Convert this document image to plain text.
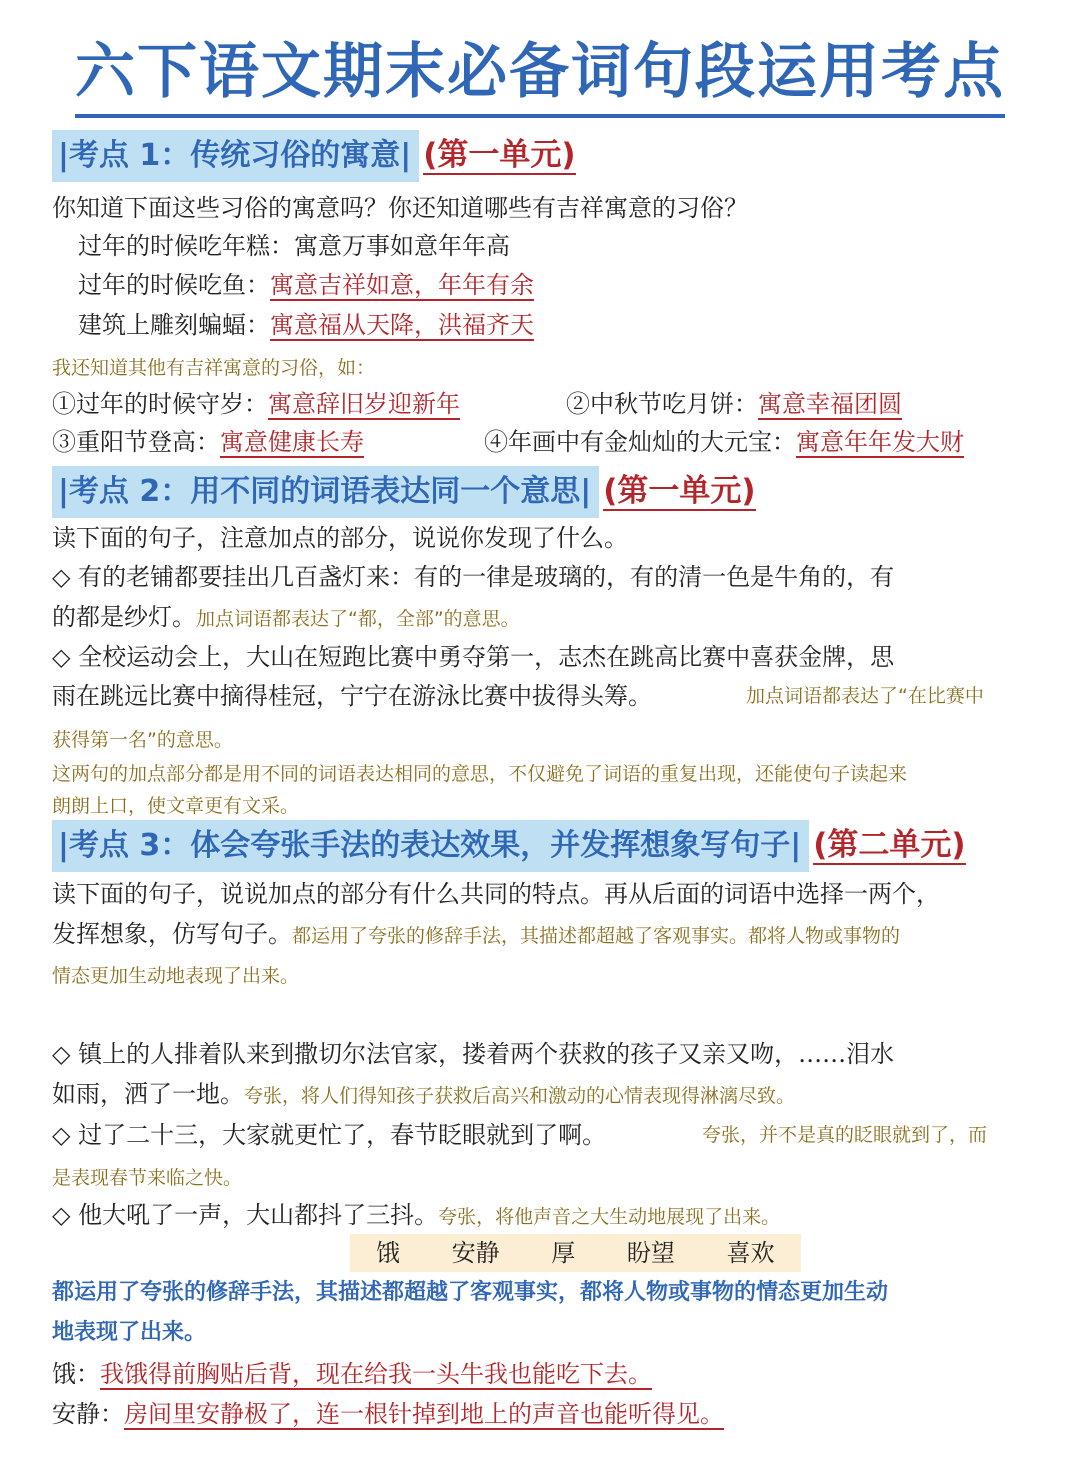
六下语文期末必备词句段运用考点
|考点 1：传统习俗的寓意| (第一单元)
你知道下面这些习俗的寓意吗？你还知道哪些有吉祥寓意的习俗？
过年的时候吃年糕：寓意万事如意年年高
过年的时候吃鱼：寓意吉祥如意，年年有余
建筑上雕刻蝙蝠：寓意福从天降，洪福齐天
我还知道其他有吉祥寓意的习俗，如：
①过年的时候守岁：寓意辞旧岁迎新年	②中秋节吃月饼：寓意幸福团圆
③重阳节登高：寓意健康长寿	④年画中有金灿灿的大元宝：寓意年年发大财
|考点 2：用不同的词语表达同一个意思| (第一单元)
读下面的句子，注意加点的部分，说说你发现了什么。
◇ 有的老铺都要挂出几百盏灯来：有的一律是玻璃的，有的清一色是牛角的，有
的都是纱灯。加点词语都表达了“都，全部”的意思。
◇ 全校运动会上，大山在短跑比赛中勇夺第一，志杰在跳高比赛中喜获金牌，思
雨在跳远比赛中摘得桂冠，宁宁在游泳比赛中拔得头筹。	加点词语都表达了“在比赛中
获得第一名”的意思。
这两句的加点部分都是用不同的词语表达相同的意思，不仅避免了词语的重复出现，还能使句子读起来
朗朗上口，使文章更有文采。
|考点 3：体会夸张手法的表达效果，并发挥想象写句子| (第二单元)
读下面的句子，说说加点的部分有什么共同的特点。再从后面的词语中选择一两个，
发挥想象，仿写句子。都运用了夸张的修辞手法，其描述都超越了客观事实。都将人物或事物的
情态更加生动地表现了出来。
◇ 镇上的人排着队来到撒切尔法官家，搂着两个获救的孩子又亲又吻，……泪水
如雨，洒了一地。夸张，将人们得知孩子获救后高兴和激动的心情表现得淋漓尽致。
◇ 过了二十三，大家就更忙了，春节眨眼就到了啊。	夸张，并不是真的眨眼就到了，而
是表现春节来临之快。
◇ 他大吼了一声，大山都抖了三抖。夸张，将他声音之大生动地展现了出来。
饿 安静 厚 盼望 喜欢
都运用了夸张的修辞手法，其描述都超越了客观事实，都将人物或事物的情态更加生动
地表现了出来。
饿：我饿得前胸贴后背，现在给我一头牛我也能吃下去。
安静：房间里安静极了，连一根针掉到地上的声音也能听得见。
